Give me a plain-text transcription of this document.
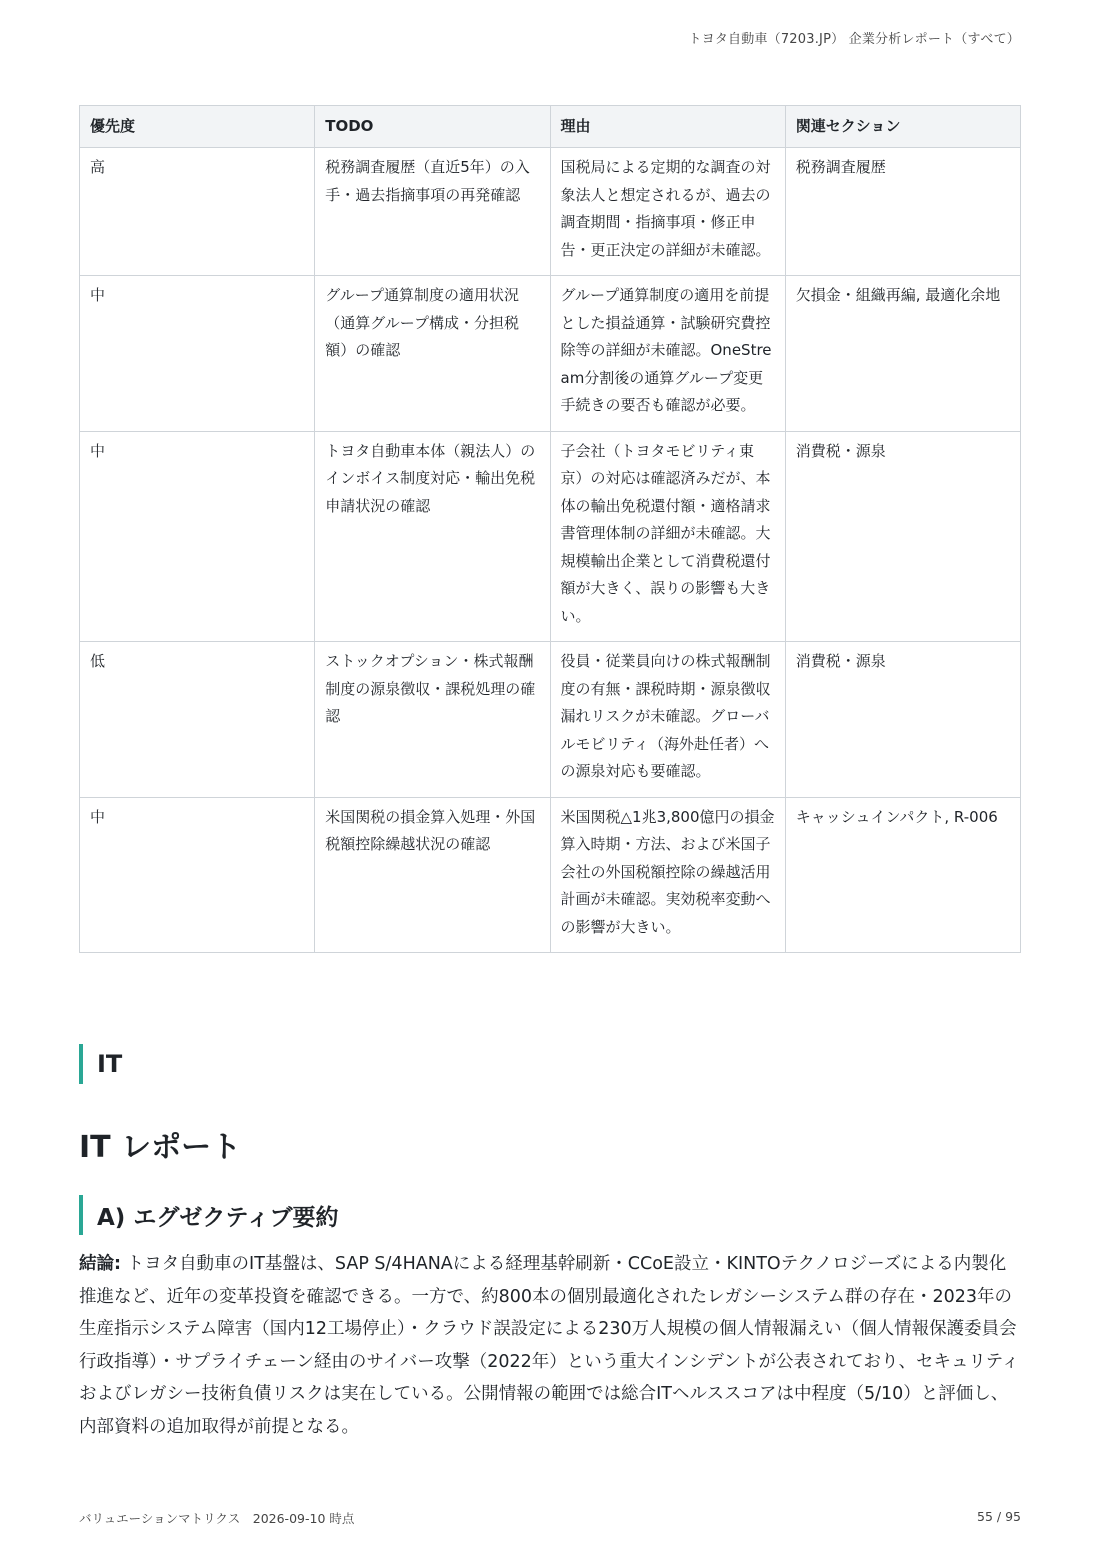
トヨタ自動車（7203.JP） 企業分析レポート（すべて）
優先度	TODO	理由	関連セクション
高	税務調査履歴（直近5年）の入手・過去指摘事項の再発確認	国税局による定期的な調査の対象法人と想定されるが、過去の調査期間・指摘事項・修正申告・更正決定の詳細が未確認。	税務調査履歴
中	グループ通算制度の適用状況（通算グループ構成・分担税額）の確認	グループ通算制度の適用を前提とした損益通算・試験研究費控除等の詳細が未確認。OneStream分割後の通算グループ変更手続きの要否も確認が必要。	欠損金・組織再編, 最適化余地
中	トヨタ自動車本体（親法人）のインボイス制度対応・輸出免税申請状況の確認	子会社（トヨタモビリティ東京）の対応は確認済みだが、本体の輸出免税還付額・適格請求書管理体制の詳細が未確認。大規模輸出企業として消費税還付額が大きく、誤りの影響も大きい。	消費税・源泉
低	ストックオプション・株式報酬制度の源泉徴収・課税処理の確認	役員・従業員向けの株式報酬制度の有無・課税時期・源泉徴収漏れリスクが未確認。グローバルモビリティ（海外赴任者）への源泉対応も要確認。	消費税・源泉
中	米国関税の損金算入処理・外国税額控除繰越状況の確認	米国関税△1兆3,800億円の損金算入時期・方法、および米国子会社の外国税額控除の繰越活用計画が未確認。実効税率変動への影響が大きい。	キャッシュインパクト, R-006
IT
IT レポート
A) エグゼクティブ要約

結論: トヨタ自動車のIT基盤は、SAP S/4HANAによる経理基幹刷新・CCoE設立・KINTOテクノロジーズによる内製化推進など、近年の変革投資を確認できる。一方で、約800本の個別最適化されたレガシーシステム群の存在・2023年の生産指示システム障害（国内12工場停止）・クラウド誤設定による230万人規模の個人情報漏えい（個人情報保護委員会行政指導）・サプライチェーン経由のサイバー攻撃（2022年）という重大インシデントが公表されており、セキュリティおよびレガシー技術負債リスクは実在している。公開情報の範囲では総合ITヘルススコアは中程度（5/10）と評価し、内部資料の追加取得が前提となる。

バリュエーションマトリクス　2026-09-10 時点	55 / 95
